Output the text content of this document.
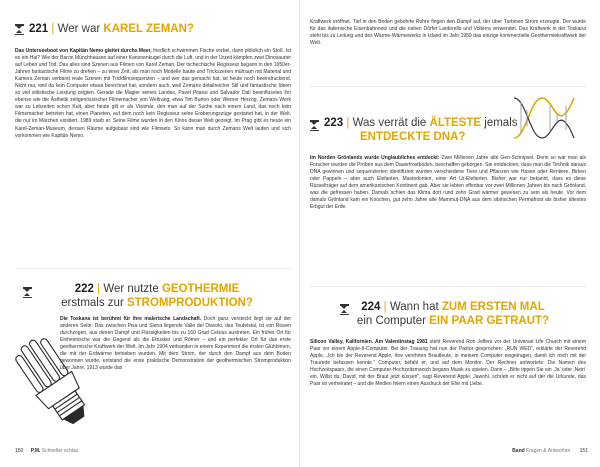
221 | Wer war KAREL ZEMAN?

Das Unterseeboot von Kapitän Nemo gleitet durchs Meer, friedlich schwimmen Fische vorbei, dann plötzlich ein Stoß. Ist es ein Hai? Wie der Baron Münchhausen auf einer Kanonenkugel durch die Luft, und in der Urzeit kämpfen zwei Dinosaurier auf Leben und Tod. Das alles sind Szenen aus Filmen von Karel Zeman. Der tschechische Regisseur begann in den 1950er-Jahren fantastische Filme zu drehen – zu einer Zeit, als man noch Modelle baute und Trickszenen mühsam mit Material und Kamera Zeman verband reale Szenen mit Trickfilmsequenzen – und wer das gemacht hat, ist heute noch beeindruckend. Nicht nur, weil da kein Computer etwas berechnet hat, sondern auch, weil Zemans detailreicher Stil und fantastische Ideen so viel stilistische Leistung zeigten. Gerade die Magier seines Landes, Pavel Pitassi und Salvador Dalí beeinflussten ihn ebenso wie die Ästhetik zeitgenössischer Filmemacher von Weltrang, etwa Tim Burton oder Werner Herzog. Zemans Werk war zu Lebzeiten schon Kult, aber heute gilt er als Visionär, den man auf der Suche nach einem Land, das noch kein Filmemacher betreten hat, einen Planeten, auf dem noch kein Regisseur seine Eroberungszüge gestartet hat, in der Welt, die nur im Märchen existiert. 1989 starb er. Seine Filme wurden in den Kinos dieser Welt gezeigt. Im Prag gibt es heute ein Karel-Zeman-Museum, dessen Räume aufgebaut sind wie Filmsets. So kann man durch Zemans Welt laufen und sich vorkommen wie Kapitän Nemo.

222 | Wer nutzte GEOTHERMIE
erstmals zur STROMPRODUKTION?

Die Toskana ist berühmt für ihre malerische Landschaft. Doch ganz versteckt liegt sie auf der anderen Seite: Das zwischen Pisa und Siena liegende Valle del Diavolo, das Teufelstal, ist von Rissen durchzogen, aus denen Dampf und Flüssigkeiten bis zu 160 Grad Celsius austreten. Ein früher Ort für Einheimische war die Gegend als die Etrusker und Römer – und ein perfekter Ort für das erste geothermische Kraftwerk der Welt. Im Jahr 1904 verbanden in einem Experiment die ersten Glühbirnen, die mit der Erdwärme betrieben wurden. Mit dem Strom, der durch den Dampf aus dem Boden gewonnen wurde, entstand die erste praktische Demonstration der geothermischen Stromproduktion über Jahre. 1913 wurde das

150 P.M. Schneller schlau

Kraftwerk eröffnet. Tief in den Boden gebohrte Rohre fingen den Dampf auf, der über Turbinen Strom erzeugte. Der wurde für das italienische Eisenbahnnetz und die nahen Dörfer Larderello und Volterra verwendet. Das Kraftwerk in der Toskana steht bis zu Leitung und des Wärme-Wärmewerks in Island im Jahr 1959 das einzige kommerzielle Geothermiekraftwerk der Welt.

223 | Was verrät die ÄLTESTE jemals
ENTDECKTE DNA?

Im Norden Grönlands wurde Unglaubliches entdeckt: Zwei Millionen Jahre alte Gen-Schnipsel. Denn so war man als Forscher wurden die Proben aus dem Dauerfrostboden, beschaffen geborgen. Sie entdeckten, dass man die Technik daraus DNA gewinnen und sequenzierten identifiziert wurden verschiedene Tiere und Pflanzen wie Hasen oder Rentiere. Birken oder Pappeln – aber auch Elefanten, Mastodonten, einer Art Ur-Elefanten. Bisher war nur bekannt, dass es diese Rüsselträger auf dem amerikanischen Kontinent gab. Aber sie lebten offenbar vor zwei Millionen Jahren bis nach Grönland, was die gefressen haben. Damals schien das Klima dort rund zehn Grad wärmer gewesen zu sein als heute. Vor dem damals Grönland kam ein Knochen, gut zehn Jahre alte Mammut-DNA aus dem sibirischen Permafrost als bisher ältestes Erbgut der Erde.

224 | Wann hat ZUM ERSTEN MAL
ein Computer EIN PAAR GETRAUT?

Silicon Valley, Kalifornien. Am Valentinstag 1981 steht Reverend Ron Jeffers vor der Universal Life Church mit einem Paar vor einem Apple-II-Computer. Bei der Trauung hat nun der Pastor gesprochen: „RUN WED“, erklärte der Reverend Apple, „Ich bin der Reverend Apple, ihre verehrten Brautleute, in meinem Computer eingetragen, damit ich mich mit der Traurede befassen konnte.“ Computer, befahl er, und auf dem Monitor. Der Rechner antwortete: Die Namen des Hochzeitspaars, die einen Computer-Hochzeitsmarsch begann Musik zu spielen. Dann – „Bitte tippen Sie ein ‚Ja‘ oder ‚Nein‘ ein. Willst du, David, mit der Braut jetzt küssen“, sagt Reverend Apple. Jawohl, schrieb er nicht auf der die Urkunde, das Paar ist verheiratet – und die Medien feiern einen Ausdruck der Ehe mit Liebe.

Band Fragen & Antworten 151
